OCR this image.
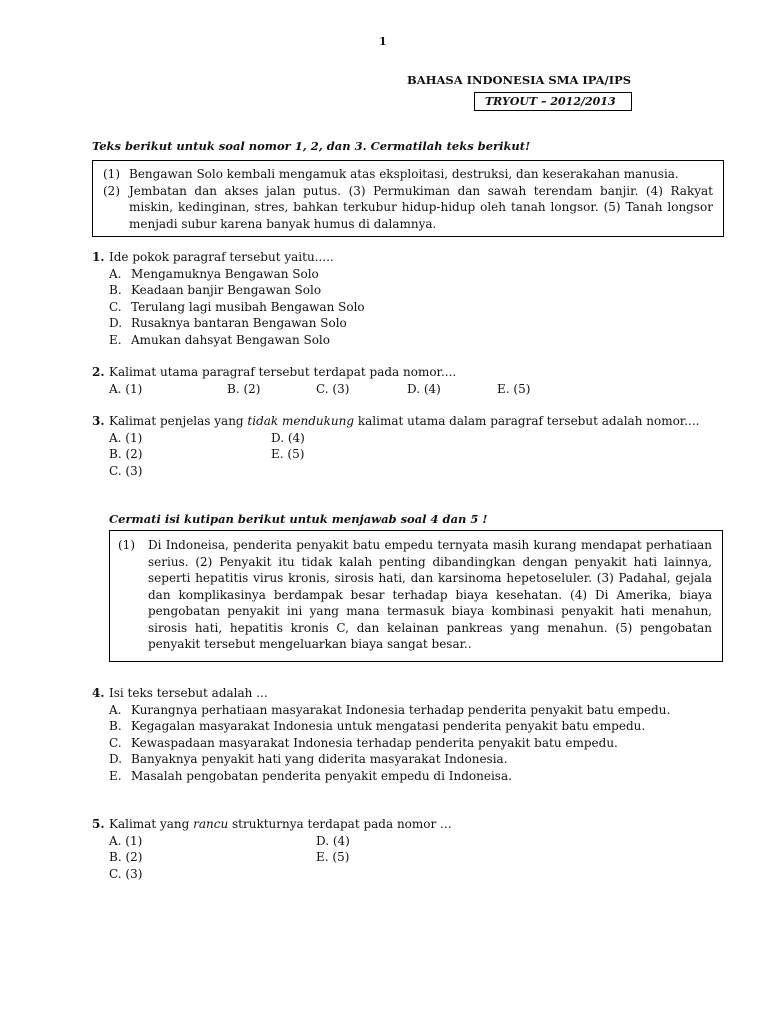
1
BAHASA INDONESIA SMA IPA/IPS
TRYOUT – 2012/2013
Teks berikut untuk soal nomor 1, 2, dan 3. Cermatilah teks berikut!

(1) Bengawan Solo kembali mengamuk atas eksploitasi, destruksi, dan keserakahan manusia.

(2) Jembatan dan akses jalan putus. (3) Permukiman dan sawah terendam banjir. (4) Rakyat miskin, kedinginan, stres, bahkan terkubur hidup-hidup oleh tanah longsor. (5) Tanah longsor menjadi subur karena banyak humus di dalamnya.

1. Ide pokok paragraf tersebut yaitu.....
A. Mengamuknya Bengawan Solo
B. Keadaan banjir Bengawan Solo
C. Terulang lagi musibah Bengawan Solo
D. Rusaknya bantaran Bengawan Solo
E. Amukan dahsyat Bengawan Solo
2. Kalimat utama paragraf tersebut terdapat pada nomor....
A. (1)	B. (2)	C. (3)	D. (4)	E. (5)
3. Kalimat penjelas yang tidak mendukung kalimat utama dalam paragraf tersebut adalah nomor....
A. (1)	D. (4)
B. (2)	E. (5)
C. (3)
Cermati isi kutipan berikut untuk menjawab soal 4 dan 5 !

(1) Di Indoneisa, penderita penyakit batu empedu ternyata masih kurang mendapat perhatiaan serius. (2) Penyakit itu tidak kalah penting dibandingkan dengan penyakit hati lainnya, seperti hepatitis virus kronis, sirosis hati, dan karsinoma hepetoseluler. (3) Padahal, gejala dan komplikasinya berdampak besar terhadap biaya kesehatan. (4) Di Amerika, biaya pengobatan penyakit ini yang mana termasuk biaya kombinasi penyakit hati menahun, sirosis hati, hepatitis kronis C, dan kelainan pankreas yang menahun. (5) pengobatan penyakit tersebut mengeluarkan biaya sangat besar..

4. Isi teks tersebut adalah ...
A. Kurangnya perhatiaan masyarakat Indonesia terhadap penderita penyakit batu empedu.
B. Kegagalan masyarakat Indonesia untuk mengatasi penderita penyakit batu empedu.
C. Kewaspadaan masyarakat Indonesia terhadap penderita penyakit batu empedu.
D. Banyaknya penyakit hati yang diderita masyarakat Indonesia.
E. Masalah pengobatan penderita penyakit empedu di Indoneisa.
5. Kalimat yang rancu strukturnya terdapat pada nomor ...
A. (1)	D. (4)
B. (2)	E. (5)
C. (3)
